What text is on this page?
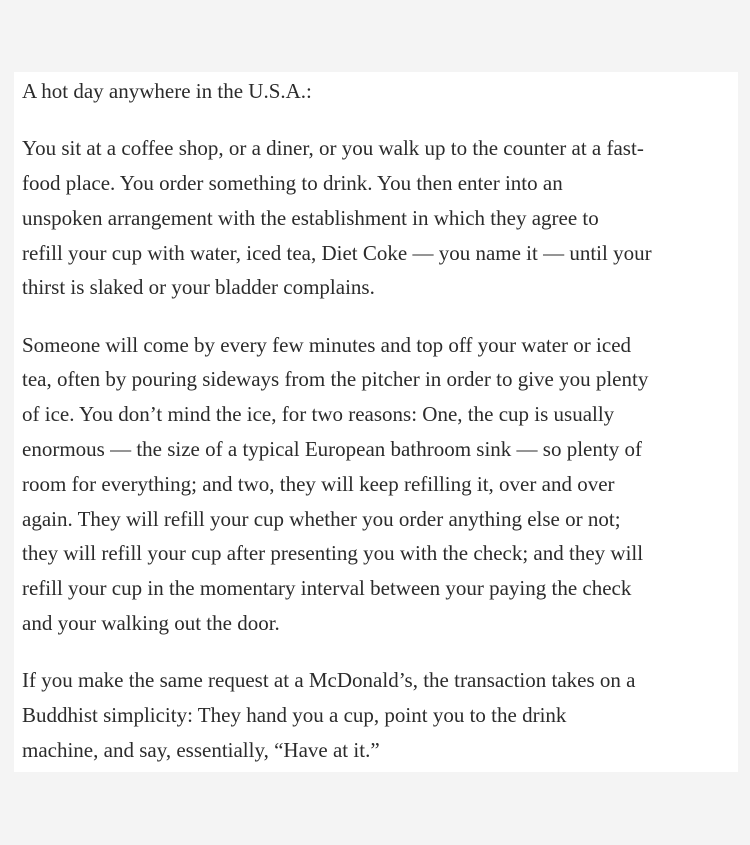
A hot day anywhere in the U.S.A.:

You sit at a coffee shop, or a diner, or you walk up to the counter at a fast-
food place. You order something to drink. You then enter into an
unspoken arrangement with the establishment in which they agree to
refill your cup with water, iced tea, Diet Coke — you name it — until your
thirst is slaked or your bladder complains.

Someone will come by every few minutes and top off your water or iced
tea, often by pouring sideways from the pitcher in order to give you plenty
of ice. You don’t mind the ice, for two reasons: One, the cup is usually
enormous — the size of a typical European bathroom sink — so plenty of
room for everything; and two, they will keep refilling it, over and over
again. They will refill your cup whether you order anything else or not;
they will refill your cup after presenting you with the check; and they will
refill your cup in the momentary interval between your paying the check
and your walking out the door.

If you make the same request at a McDonald’s, the transaction takes on a
Buddhist simplicity: They hand you a cup, point you to the drink
machine, and say, essentially, “Have at it.”
